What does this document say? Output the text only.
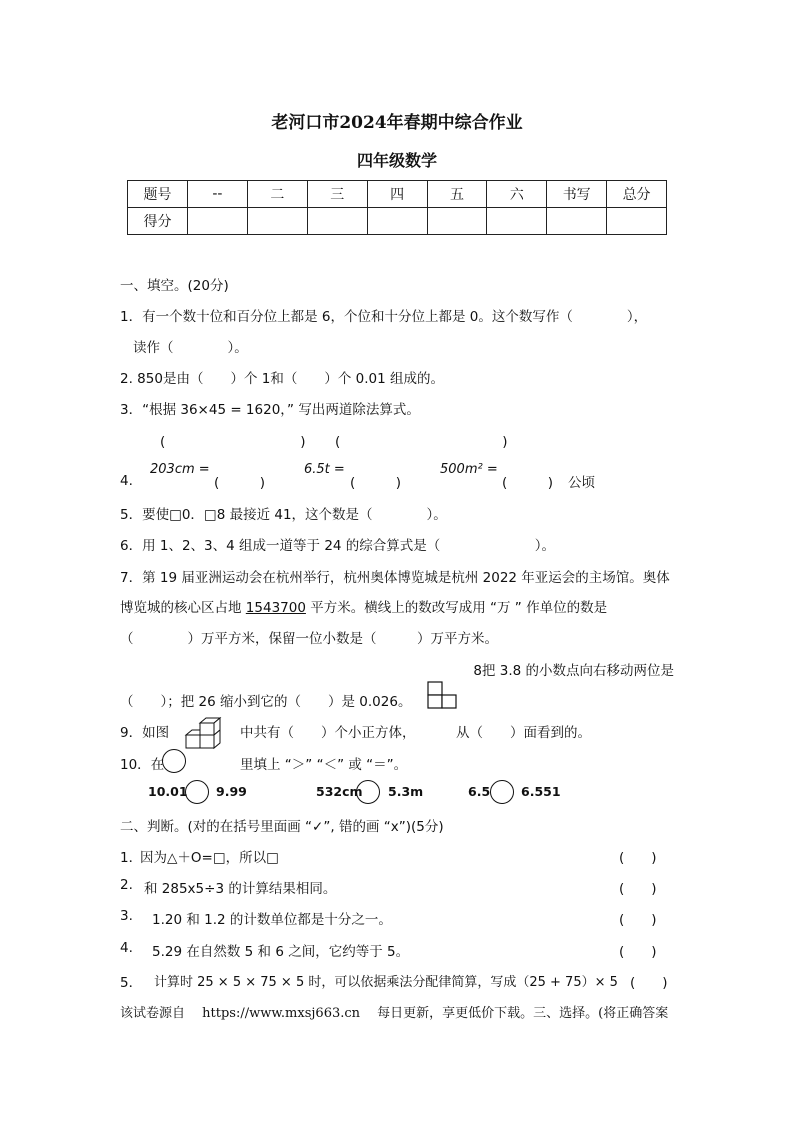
老河口市2024年春期中综合作业
四年级数学
题号	--	二	三	四	五	六	书写	总分
得分								
一、填空。(20分)
1．有一个数十位和百分位上都是 6，个位和十分位上都是 0。这个数写作（　　　　），
读作（　　　　）。
2. 850是由（　　）个 1和（　　）个 0.01 组成的。
3．“根据 36×45 = 1620，” 写出两道除法算式。
(　　　　　　　　　　) (　　　　　　　　　　　　)
4.
203cm =
(　　　)
6.5t =
(　　　)
500m² =
(　　　) 公顷
5．要使□0．□8 最接近 41，这个数是（　　　　）。
6．用 1、2、3、4 组成一道等于 24 的综合算式是（　　　　　　　）。
7．第 19 届亚洲运动会在杭州举行，杭州奥体博览城是杭州 2022 年亚运会的主场馆。奥体
博览城的核心区占地 1543700 平方米。横线上的数改写成用 “万 ” 作单位的数是
（　　　　）万平方米，保留一位小数是（　　　）万平方米。
8把 3.8 的小数点向右移动两位是
（　　）；把 26 缩小到它的（　　）是 0.026。
9．如图	中共有（　　）个小正方体，	从（　　）面看到的。
10．在	里填上 “＞” “＜” 或 “＝”。
10.01 9.99	532cm 5.3m	6.5 6.551
二、判断。(对的在括号里面画 “✓”, 错的画 “x”)(5分)
1．
因为△＋O=□，所以□	(　　)
2. 和 285x5÷3 的计算结果相同。	(　　)
3. 1.20 和 1.2 的计数单位都是十分之一。	(　　)
4. 5.29 在自然数 5 和 6 之间，它约等于 5。	(　　)
5． 计算时 25 × 5 × 75 × 5 时，可以依据乘法分配律简算，写成（25 + 75）× 5 (　　)
该试卷源自　 https://www.mxsj663.cn　 每日更新，享更低价下载。三、选择。(将正确答案
